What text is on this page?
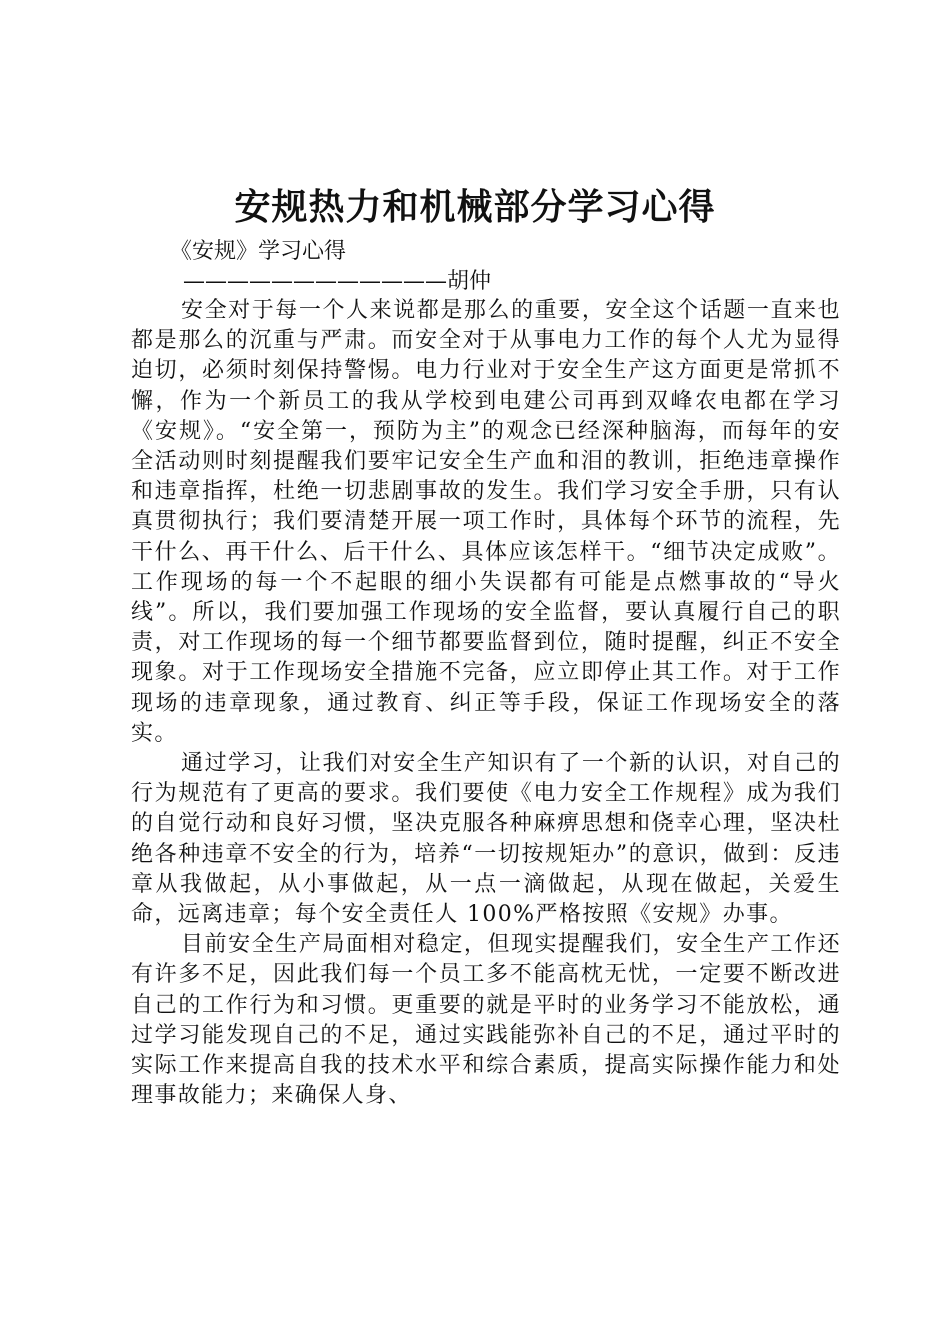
安规热力和机械部分学习心得

《安规》学习心得

————————————胡仲

安全对于每一个人来说都是那么的重要，安全这个话题一直来也都是那么的沉重与严肃。而安全对于从事电力工作的每个人尤为显得迫切，必须时刻保持警惕。电力行业对于安全生产这方面更是常抓不懈，作为一个新员工的我从学校到电建公司再到双峰农电都在学习《安规》。“安全第一，预防为主”的观念已经深种脑海，而每年的安全活动则时刻提醒我们要牢记安全生产血和泪的教训，拒绝违章操作和违章指挥，杜绝一切悲剧事故的发生。我们学习安全手册，只有认真贯彻执行；我们要清楚开展一项工作时，具体每个环节的流程，先干什么、再干什么、后干什么、具体应该怎样干。“细节决定成败”。工作现场的每一个不起眼的细小失误都有可能是点燃事故的“导火线”。所以，我们要加强工作现场的安全监督，要认真履行自己的职责，对工作现场的每一个细节都要监督到位，随时提醒，纠正不安全现象。对于工作现场安全措施不完备，应立即停止其工作。对于工作现场的违章现象，通过教育、纠正等手段，保证工作现场安全的落实。

通过学习，让我们对安全生产知识有了一个新的认识，对自己的行为规范有了更高的要求。我们要使《电力安全工作规程》成为我们的自觉行动和良好习惯，坚决克服各种麻痹思想和侥幸心理，坚决杜绝各种违章不安全的行为，培养“一切按规矩办”的意识，做到：反违章从我做起，从小事做起，从一点一滴做起，从现在做起，关爱生命，远离违章；每个安全责任人 100%严格按照《安规》办事。

目前安全生产局面相对稳定，但现实提醒我们，安全生产工作还有许多不足，因此我们每一个员工多不能高枕无忧，一定要不断改进自己的工作行为和习惯。更重要的就是平时的业务学习不能放松，通过学习能发现自己的不足，通过实践能弥补自己的不足，通过平时的实际工作来提高自我的技术水平和综合素质，提高实际操作能力和处理事故能力；来确保人身、
